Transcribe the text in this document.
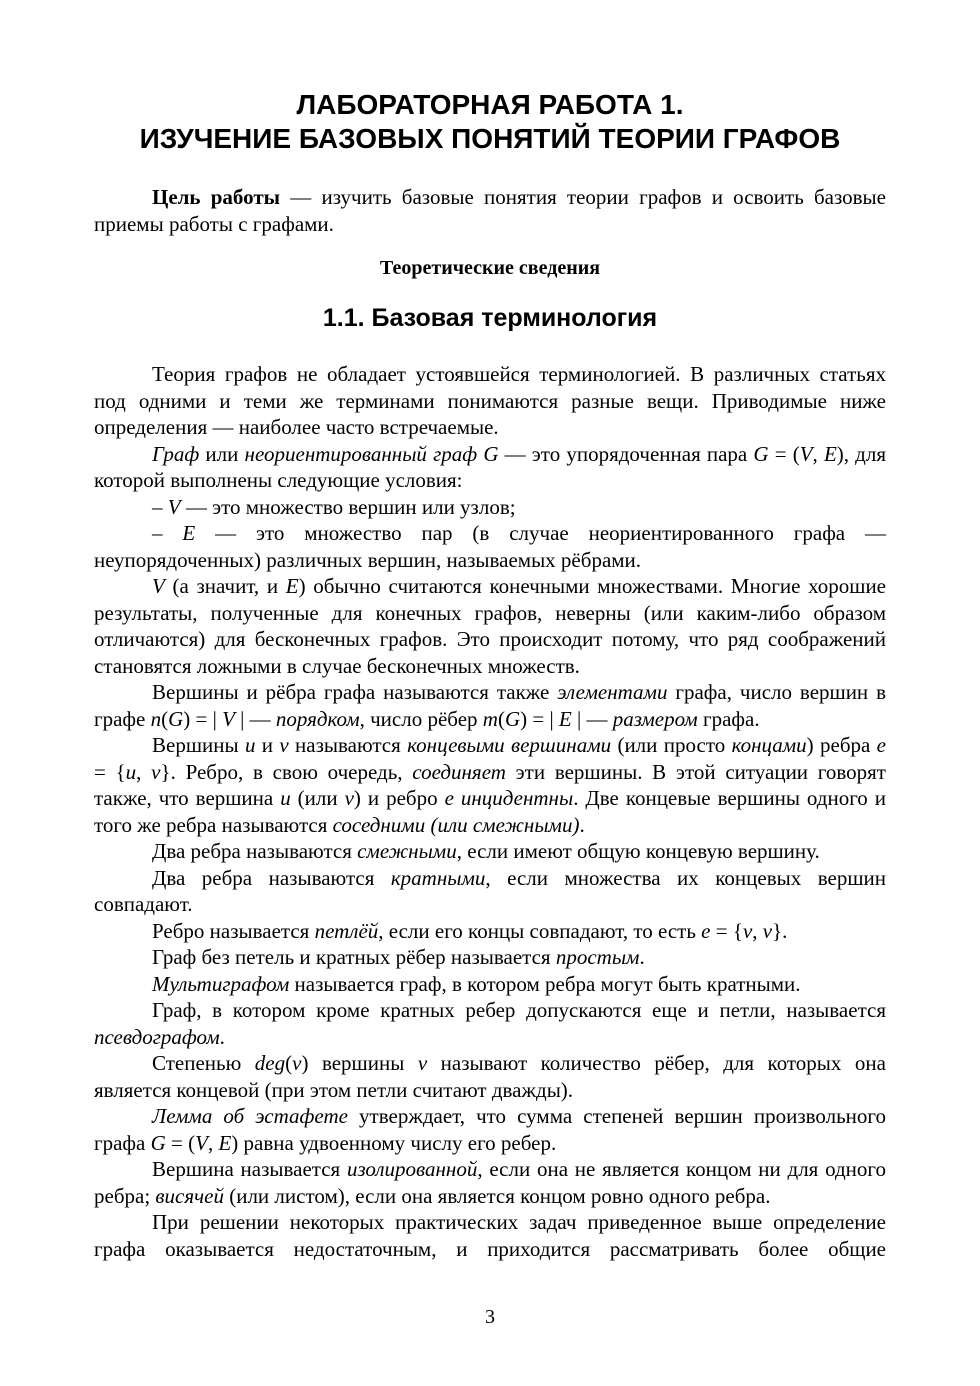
ЛАБОРАТОРНАЯ РАБОТА 1.
ИЗУЧЕНИЕ БАЗОВЫХ ПОНЯТИЙ ТЕОРИИ ГРАФОВ

Цель работы — изучить базовые понятия теории графов и освоить базовые приемы работы с графами.

Теоретические сведения
1.1. Базовая терминология

Теория графов не обладает устоявшейся терминологией. В различных статьях под одними и теми же терминами понимаются разные вещи. Приводимые ниже определения — наиболее часто встречаемые.

Граф или неориентированный граф G — это упорядоченная пара G = (V, E), для которой выполнены следующие условия:

– V — это множество вершин или узлов;

– E — это множество пар (в случае неориентированного графа — неупорядоченных) различных вершин, называемых рёбрами.

V (а значит, и E) обычно считаются конечными множествами. Многие хорошие результаты, полученные для конечных графов, неверны (или каким-либо образом отличаются) для бесконечных графов. Это происходит потому, что ряд соображений становятся ложными в случае бесконечных множеств.

Вершины и рёбра графа называются также элементами графа, число вершин в графе n(G) = | V | — порядком, число рёбер m(G) = | E | — размером графа.

Вершины u и v называются концевыми вершинами (или просто концами) ребра e = {u, v}. Ребро, в свою очередь, соединяет эти вершины. В этой ситуации говорят также, что вершина u (или v) и ребро e инцидентны. Две концевые вершины одного и того же ребра называются соседними (или смежными).

Два ребра называются смежными, если имеют общую концевую вершину.

Два ребра называются кратными, если множества их концевых вершин совпадают.

Ребро называется петлёй, если его концы совпадают, то есть e = {v, v}.

Граф без петель и кратных рёбер называется простым.

Мультиграфом называется граф, в котором ребра могут быть кратными.

Граф, в котором кроме кратных ребер допускаются еще и петли, называется псевдографом.

Степенью deg(v) вершины v называют количество рёбер, для которых она является концевой (при этом петли считают дважды).

Лемма об эстафете утверждает, что сумма степеней вершин произвольного графа G = (V, E) равна удвоенному числу его ребер.

Вершина называется изолированной, если она не является концом ни для одного ребра; висячей (или листом), если она является концом ровно одного ребра.

При решении некоторых практических задач приведенное выше определение графа оказывается недостаточным, и приходится рассматривать более общие

3
